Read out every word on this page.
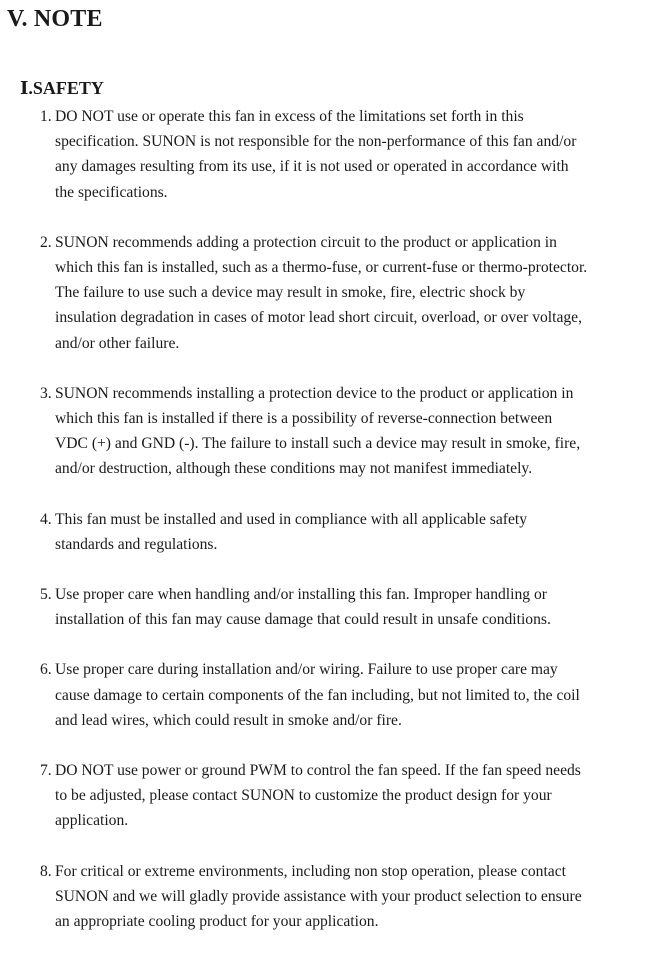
V. NOTE
Ⅰ.SAFETY
1. DO NOT use or operate this fan in excess of the limitations set forth in this
specification. SUNON is not responsible for the non-performance of this fan and/or
any damages resulting from its use, if it is not used or operated in accordance with
the specifications.
2. SUNON recommends adding a protection circuit to the product or application in
which this fan is installed, such as a thermo-fuse, or current-fuse or thermo-protector.
The failure to use such a device may result in smoke, fire, electric shock by
insulation degradation in cases of motor lead short circuit, overload, or over voltage,
and/or other failure.
3. SUNON recommends installing a protection device to the product or application in
which this fan is installed if there is a possibility of reverse-connection between
VDC (+) and GND (-). The failure to install such a device may result in smoke, fire,
and/or destruction, although these conditions may not manifest immediately.
4. This fan must be installed and used in compliance with all applicable safety
standards and regulations.
5. Use proper care when handling and/or installing this fan. Improper handling or
installation of this fan may cause damage that could result in unsafe conditions.
6. Use proper care during installation and/or wiring. Failure to use proper care may
cause damage to certain components of the fan including, but not limited to, the coil
and lead wires, which could result in smoke and/or fire.
7. DO NOT use power or ground PWM to control the fan speed. If the fan speed needs
to be adjusted, please contact SUNON to customize the product design for your
application.
8. For critical or extreme environments, including non stop operation, please contact
SUNON and we will gladly provide assistance with your product selection to ensure
an appropriate cooling product for your application.
